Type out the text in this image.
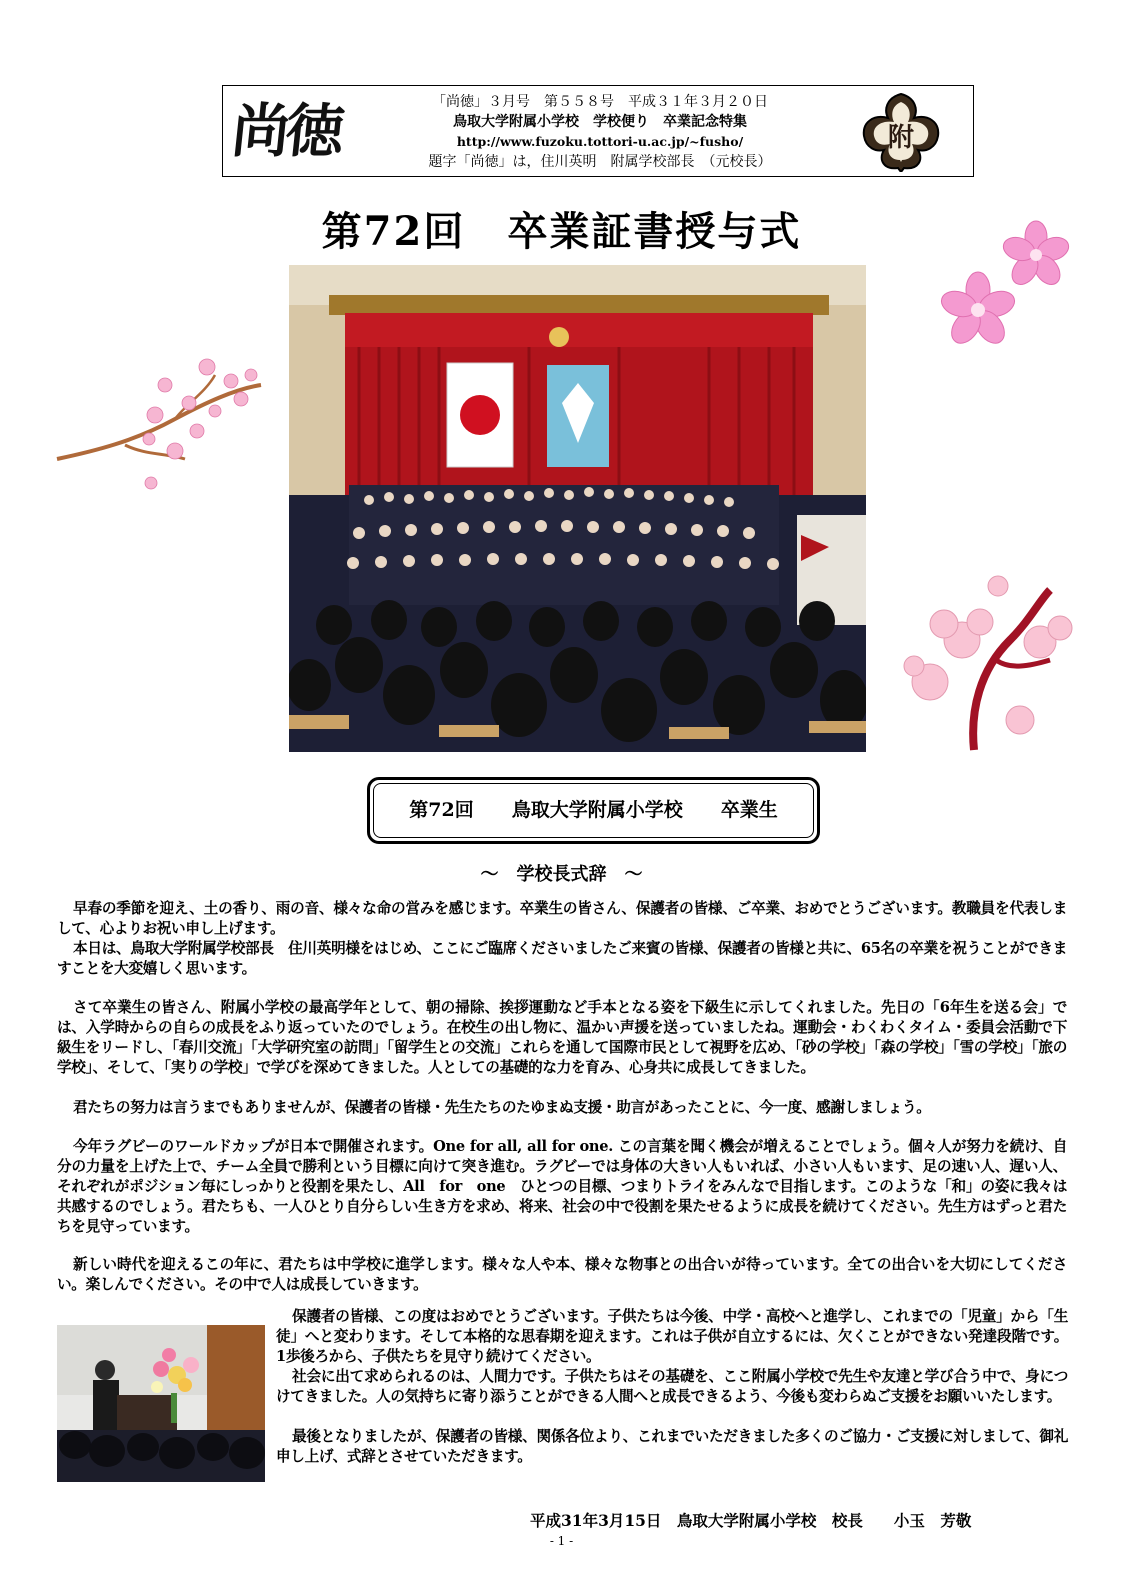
尚徳	「尚徳」３月号　第５５８号　平成３１年３月２０日
鳥取大学附属小学校　学校便り　卒業記念特集
http://www.fuzoku.tottori-u.ac.jp/~fusho/
題字「尚徳」は，住川英明　附属学校部長　（元校長）
附
第72回　卒業証書授与式
第72回　　鳥取大学附属小学校　　卒業生
～　学校長式辞　～
早春の季節を迎え、土の香り、雨の音、様々な命の営みを感じます。卒業生の皆さん、保護者の皆様、ご卒業、おめでとうございます。教職員を代表しまして、心よりお祝い申し上げます。
本日は、鳥取大学附属学校部長　住川英明様をはじめ、ここにご臨席くださいましたご来賓の皆様、保護者の皆様と共に、65名の卒業を祝うことができますことを大変嬉しく思います。
さて卒業生の皆さん、附属小学校の最高学年として、朝の掃除、挨拶運動など手本となる姿を下級生に示してくれました。先日の「6年生を送る会」では、入学時からの自らの成長をふり返っていたのでしょう。在校生の出し物に、温かい声援を送っていましたね。運動会・わくわくタイム・委員会活動で下級生をリードし、「春川交流」「大学研究室の訪問」「留学生との交流」これらを通して国際市民として視野を広め、「砂の学校」「森の学校」「雪の学校」「旅の学校」、そして、「実りの学校」で学びを深めてきました。人としての基礎的な力を育み、心身共に成長してきました。
君たちの努力は言うまでもありませんが、保護者の皆様・先生たちのたゆまぬ支援・助言があったことに、今一度、感謝しましょう。
今年ラグビーのワールドカップが日本で開催されます。One for all, all for one. この言葉を聞く機会が増えることでしょう。個々人が努力を続け、自分の力量を上げた上で、チーム全員で勝利という目標に向けて突き進む。ラグビーでは身体の大きい人もいれば、小さい人もいます、足の速い人、遅い人、それぞれがポジション毎にしっかりと役割を果たし、All　for　one　ひとつの目標、つまりトライをみんなで目指します。このような「和」の姿に我々は共感するのでしょう。君たちも、一人ひとり自分らしい生き方を求め、将来、社会の中で役割を果たせるように成長を続けてください。先生方はずっと君たちを見守っています。
新しい時代を迎えるこの年に、君たちは中学校に進学します。様々な人や本、様々な物事との出合いが待っています。全ての出合いを大切にしてください。楽しんでください。その中で人は成長していきます。
保護者の皆様、この度はおめでとうございます。子供たちは今後、中学・高校へと進学し、これまでの「児童」から「生徒」へと変わります。そして本格的な思春期を迎えます。これは子供が自立するには、欠くことができない発達段階です。1歩後ろから、子供たちを見守り続けてください。
社会に出て求められるのは、人間力です。子供たちはその基礎を、ここ附属小学校で先生や友達と学び合う中で、身につけてきました。人の気持ちに寄り添うことができる人間へと成長できるよう、今後も変わらぬご支援をお願いいたします。
最後となりましたが、保護者の皆様、関係各位より、これまでいただきました多くのご協力・ご支援に対しまして、御礼申し上げ、式辞とさせていただきます。
平成31年3月15日　鳥取大学附属小学校　校長　　小玉　芳敬
- 1 -
